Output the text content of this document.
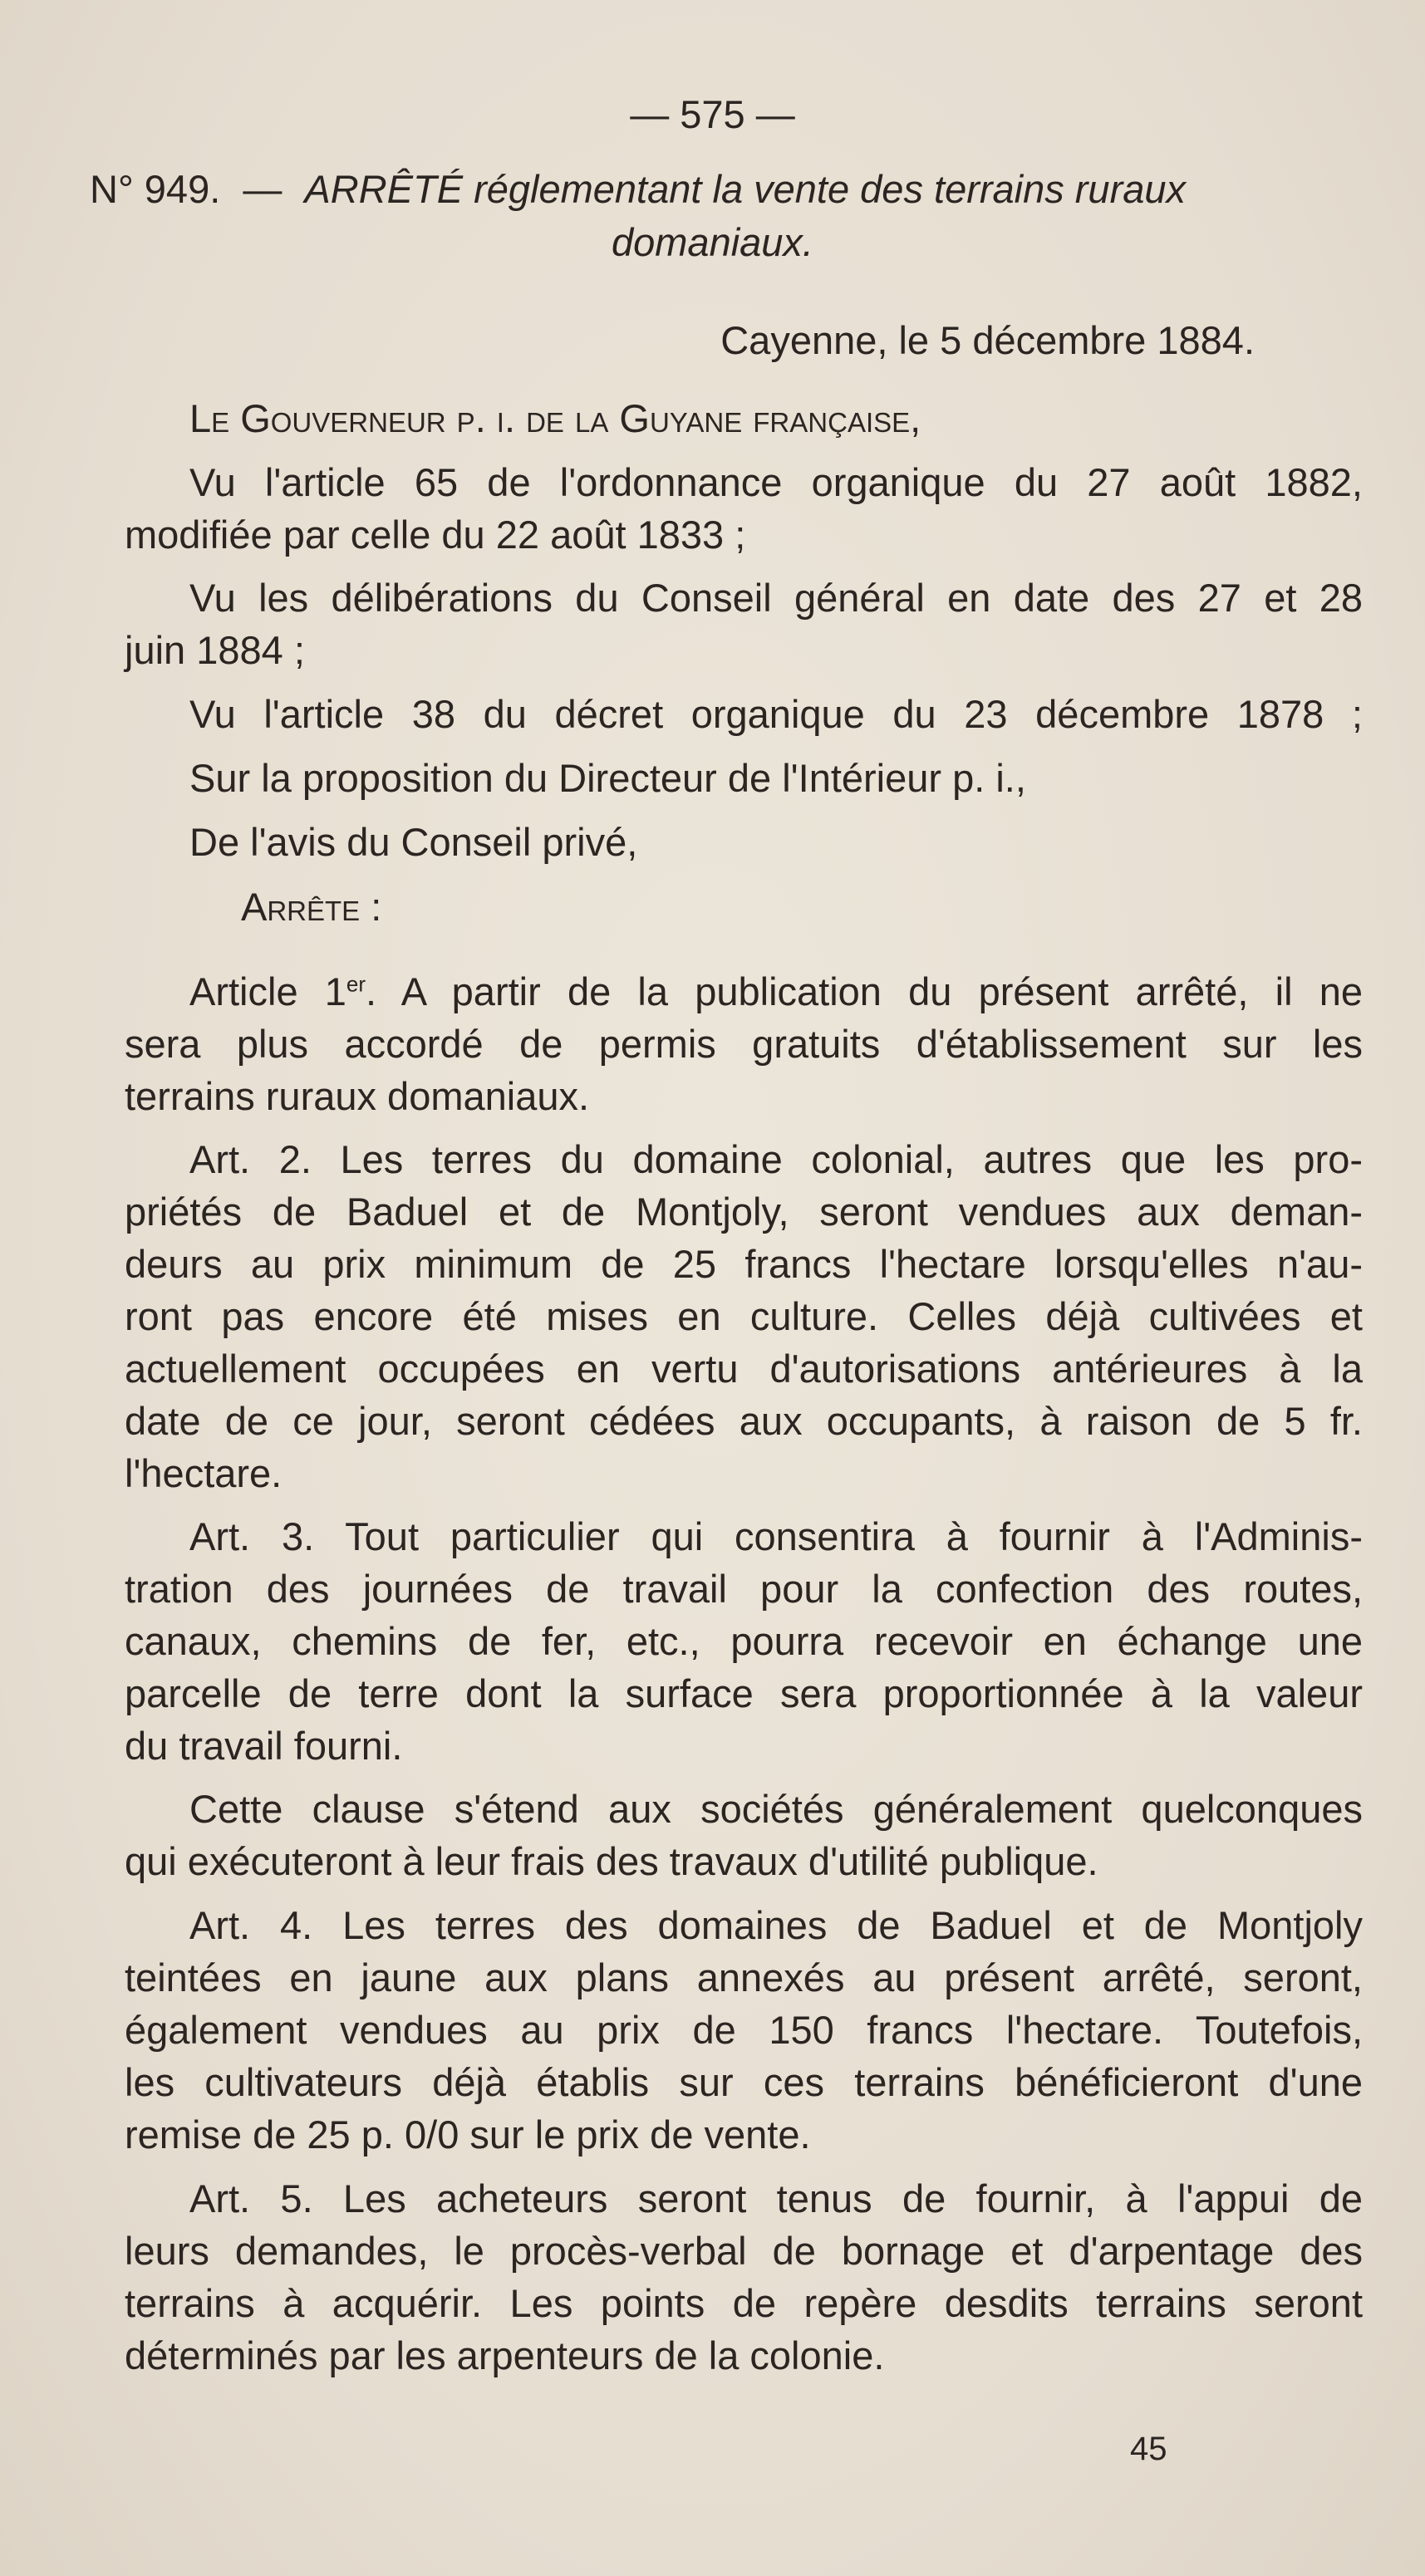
— 575 —
N° 949. — ARRÊTÉ réglementant la vente des terrains ruraux
domaniaux.
Cayenne, le 5 décembre 1884.
Le Gouverneur p. i. de la Guyane française,
Vu l'article 65 de l'ordonnance organique du 27 août 1882,
modifiée par celle du 22 août 1833 ;
Vu les délibérations du Conseil général en date des 27 et 28
juin 1884 ;
Vu l'article 38 du décret organique du 23 décembre 1878 ;
Sur la proposition du Directeur de l'Intérieur p. i.,
De l'avis du Conseil privé,
Arrête :
Article 1er. A partir de la publication du présent arrêté, il ne
sera plus accordé de permis gratuits d'établissement sur les
terrains ruraux domaniaux.
Art. 2. Les terres du domaine colonial, autres que les pro-
priétés de Baduel et de Montjoly, seront vendues aux deman-
deurs au prix minimum de 25 francs l'hectare lorsqu'elles n'au-
ront pas encore été mises en culture. Celles déjà cultivées et
actuellement occupées en vertu d'autorisations antérieures à la
date de ce jour, seront cédées aux occupants, à raison de 5 fr.
l'hectare.
Art. 3. Tout particulier qui consentira à fournir à l'Adminis-
tration des journées de travail pour la confection des routes,
canaux, chemins de fer, etc., pourra recevoir en échange une
parcelle de terre dont la surface sera proportionnée à la valeur
du travail fourni.
Cette clause s'étend aux sociétés généralement quelconques
qui exécuteront à leur frais des travaux d'utilité publique.
Art. 4. Les terres des domaines de Baduel et de Montjoly
teintées en jaune aux plans annexés au présent arrêté, seront,
également vendues au prix de 150 francs l'hectare. Toutefois,
les cultivateurs déjà établis sur ces terrains bénéficieront d'une
remise de 25 p. 0/0 sur le prix de vente.
Art. 5. Les acheteurs seront tenus de fournir, à l'appui de
leurs demandes, le procès-verbal de bornage et d'arpentage des
terrains à acquérir. Les points de repère desdits terrains seront
déterminés par les arpenteurs de la colonie.
45
